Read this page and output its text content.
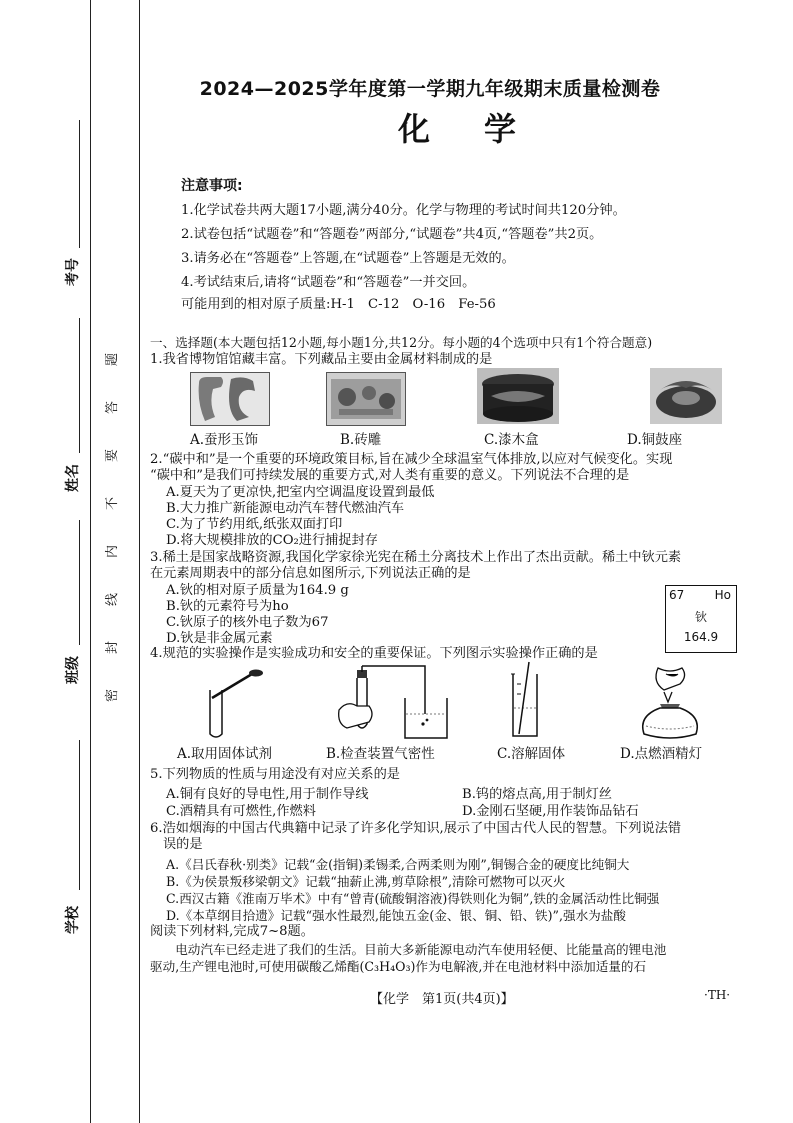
考号
姓名
班级
学校
题
答
要
不
内
线
封
密
2024—2025学年度第一学期九年级期末质量检测卷
化学
注意事项:
1.化学试卷共两大题17小题,满分40分。化学与物理的考试时间共120分钟。
2.试卷包括“试题卷”和“答题卷”两部分,“试题卷”共4页,“答题卷”共2页。
3.请务必在“答题卷”上答题,在“试题卷”上答题是无效的。
4.考试结束后,请将“试题卷”和“答题卷”一并交回。
可能用到的相对原子质量:H-1　C-12　O-16　Fe-56
一、选择题(本大题包括12小题,每小题1分,共12分。每小题的4个选项中只有1个符合题意)
1.我省博物馆馆藏丰富。下列藏品主要由金属材料制成的是
A.蚕形玉饰	B.砖雕	C.漆木盒	D.铜鼓座
2.“碳中和”是一个重要的环境政策目标,旨在减少全球温室气体排放,以应对气候变化。实现
“碳中和”是我们可持续发展的重要方式,对人类有重要的意义。下列说法不合理的是
A.夏天为了更凉快,把室内空调温度设置到最低
B.大力推广新能源电动汽车替代燃油汽车
C.为了节约用纸,纸张双面打印
D.将大规模排放的CO₂进行捕捉封存
3.稀土是国家战略资源,我国化学家徐光宪在稀土分离技术上作出了杰出贡献。稀土中钬元素
在元素周期表中的部分信息如图所示,下列说法正确的是
A.钬的相对原子质量为164.9 g
B.钬的元素符号为ho
C.钬原子的核外电子数为67
D.钬是非金属元素
67	Ho
钬
164.9
4.规范的实验操作是实验成功和安全的重要保证。下列图示实验操作正确的是
A.取用固体试剂	B.检查装置气密性	C.溶解固体	D.点燃酒精灯
5.下列物质的性质与用途没有对应关系的是
A.铜有良好的导电性,用于制作导线	B.钨的熔点高,用于制灯丝
C.酒精具有可燃性,作燃料	D.金刚石坚硬,用作装饰品钻石
6.浩如烟海的中国古代典籍中记录了许多化学知识,展示了中国古代人民的智慧。下列说法错
误的是
A.《吕氏春秋·别类》记载“金(指铜)柔锡柔,合两柔则为刚”,铜锡合金的硬度比纯铜大
B.《为侯景叛移梁朝文》记载“抽薪止沸,剪草除根”,清除可燃物可以灭火
C.西汉古籍《淮南万毕术》中有“曾青(硫酸铜溶液)得铁则化为铜”,铁的金属活动性比铜强
D.《本草纲目拾遗》记载“强水性最烈,能蚀五金(金、银、铜、铅、铁)”,强水为盐酸
阅读下列材料,完成7~8题。
　　电动汽车已经走进了我们的生活。目前大多新能源电动汽车使用轻便、比能量高的锂电池
驱动,生产锂电池时,可使用碳酸乙烯酯(C₃H₄O₃)作为电解液,并在电池材料中添加适量的石
【化学　第1页(共4页)】	·TH·
